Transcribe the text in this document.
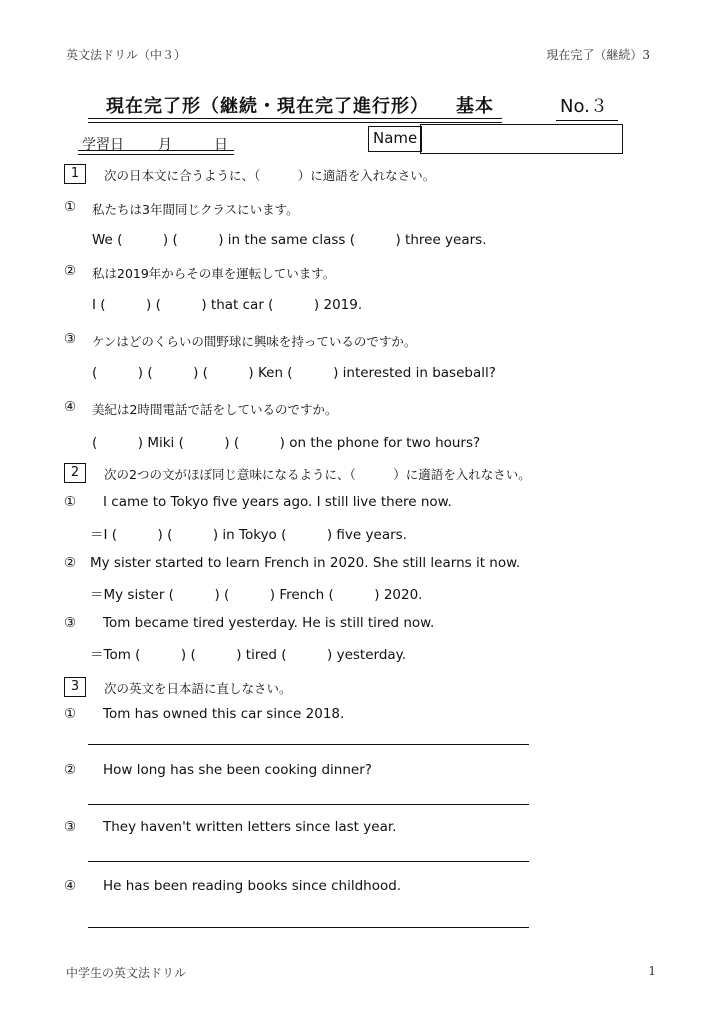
英文法ドリル（中３）	現在完了（継続）3
現在完了形（継続・現在完了進行形） 基本	No.３
学習日 月	日	Name
1	次の日本文に合うように、（　　　）に適語を入れなさい。
① 私たちは3年間同じクラスにいます。
We (　　　) (　　　) in the same class (　　　) three years.
② 私は2019年からその車を運転しています。
I (　　　) (　　　) that car (　　　) 2019.
③ ケンはどのくらいの間野球に興味を持っているのですか。
(　　　) (　　　) (　　　) Ken (　　　) interested in baseball?
④ 美紀は2時間電話で話をしているのですか。
(　　　) Miki (　　　) (　　　) on the phone for two hours?
2	次の2つの文がほぼ同じ意味になるように、（　　　）に適語を入れなさい。
① I came to Tokyo five years ago. I still live there now.
＝I (　　　) (　　　) in Tokyo (　　　) five years.
② My sister started to learn French in 2020. She still learns it now.
＝My sister (　　　) (　　　) French (　　　) 2020.
③ Tom became tired yesterday. He is still tired now.
＝Tom (　　　) (　　　) tired (　　　) yesterday.
3	次の英文を日本語に直しなさい。
① Tom has owned this car since 2018.
② How long has she been cooking dinner?
③ They haven't written letters since last year.
④ He has been reading books since childhood.
中学生の英文法ドリル	1
